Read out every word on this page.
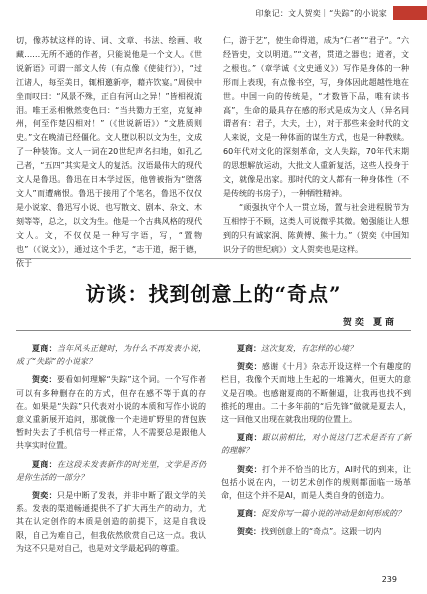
印象记：文人贺奕｜“失踪”的小说家

切，像苏轼这样的诗、词、文章、书法、绘画、收藏……无所不通的作者，只能说他是一个文人。《世说新语》可谓一部文人传（有点像《使徒行》），“过江诸人，每至美日，辄相邀新亭，藉卉饮宴。”周侯中坐而叹曰：“风景不殊，正自有河山之异！”皆相视流泪。唯王丞相愀然变色曰：“当共勠力王室，克复神州，何至作楚囚相对！”（《世说新语》）“文胜质则史。”文在晚清已经僵化。文人堕以积以文为生，文成了一种装饰。文人一词在20世纪声名扫地，如孔乙己者，“五四”其实是文人的复活。汉语最伟大的现代文人是鲁迅。鲁迅在日本学过医，他曾被指为“堕落文人”而遭痛恨。鲁迅于接用了个笔名，鲁迅不仅仅是小说家、鲁迅写小说、也写散文、剧本、杂文、木刻等等，总之，以文为生。他是一个古典风格的现代文人。文，不仅仅是一种写字语，写，“置物也”（《说文》），通过这个手艺，“志于道，据于德，依于

仁，游于艺”，使生命得道，成为“仁者”“君子”。“六经皆史，文以明道。”“文者，贯道之器也；道者，文之根也。”（章学诚《文史通义》）写作是身体的一种形而上表现，有点像书空，写，身体因此超越性地在世。中国一向的传统是，“才数皆下品，唯有读书高”，生命的最具存在感的形式是成为文人（异名同谓者有：君子，大夫，士），对于那些来金时代的文人来说，文是一种体面的谋生方式，也是一种教赎。60年代对文化的深刻革命，文人失踪，70年代末期的思想解放运动，大批文人重新复活，这些人投身于文，就像是出家。那时代的文人都有一种身体性（不是传统的书房子），一种牺牲精神。

“顽强执守个人一贯立场，置与社会进程脱节为互相悖于不顾，这类人可说微乎其微。勉强能让人想到的只有诚家润、陈黄傅、熊十力。”（贺奕《中国知识分子的世纪病》）文人贺奕也是这样。

访谈：找到创意上的“奇点”
贺奕 夏商

夏商：当年风头正健时，为什么不再发表小说，成了“失踪”的小说家？

贺奕：要看如何理解“失踪”这个词。一个写作者可以有多种删存在的方式，但存在感不等于真的存在。如果是“失踪”只代表对小说的本质和写作小说的意义重新展开追问，那就像一个走进旷野里的背包族暂时失去了手机信号一样正常，人不需要总是跟他人共享实时位置。

夏商：在这段未发表新作的时光里，文学是否仍是你生活的一部分？

贺奕：只是中断了发表，并非中断了跟文学的关系。发表的渠道畅通提供不了扩大再生产的动力，尤其在认定创作的本质是创造的前提下，这是自我设限，自己为难自己，但我依然欣赏自己这一点。我认为这不只是对自己，也是对文学最起码的尊重。

夏商：这次复发，有怎样的心境？

贺奕：感谢《十月》杂志开设这样一个有趣度的栏目，我像个天而地上生起的一堆篝火，但更大的意义是召唤。也感谢夏商的不断催逼，让我再也找不到推托的理由。二十多年前的“后先锋”做就是夏去人，这一回他又出现在就我出现的位置上。

夏商：跟以前相比，对小说这门艺术是否有了新的理解？

贺奕：打个并不恰当的比方，AI时代的到来，让包括小说在内，一切艺术创作的规则都面临一场革命，但这个并不是AI，而是人类自身的创造力。

夏商：促发你写一篇小说的冲动是如何形成的？

贺奕：找到创意上的“奇点”。这跟一切内

239
